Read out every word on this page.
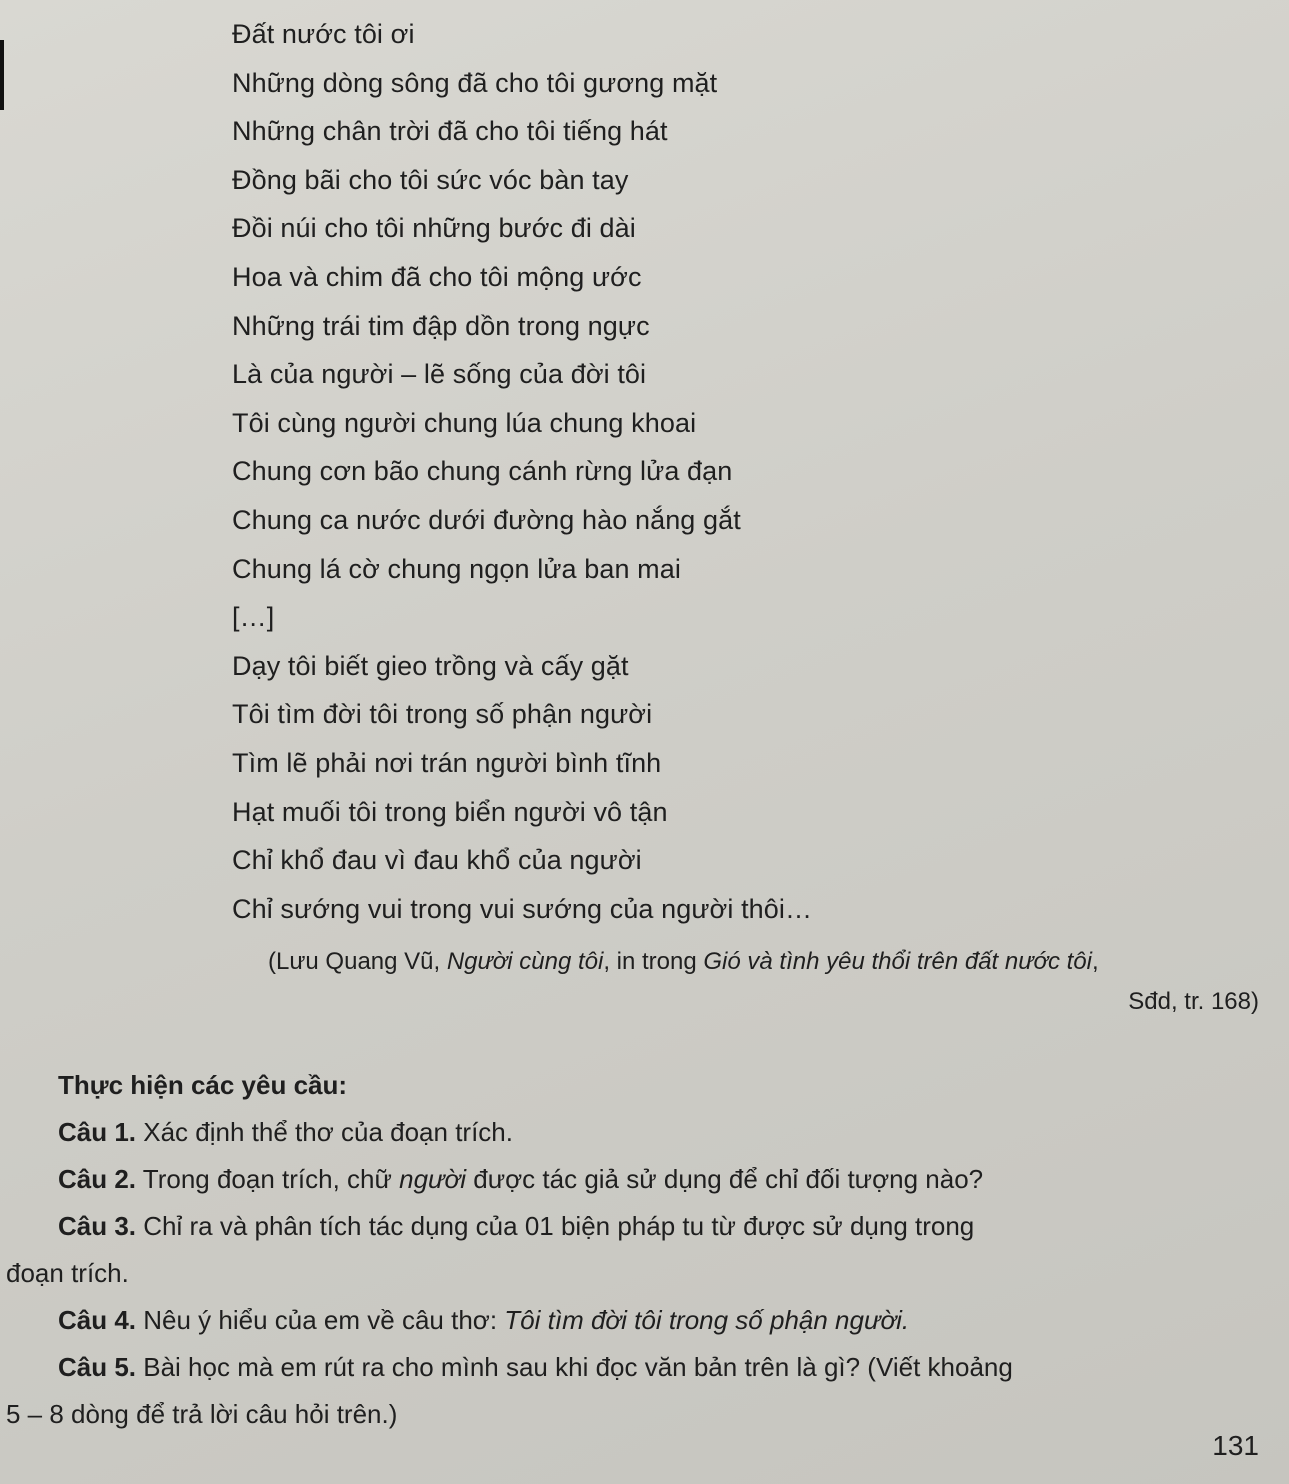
Đất nước tôi ơi
Những dòng sông đã cho tôi gương mặt
Những chân trời đã cho tôi tiếng hát
Đồng bãi cho tôi sức vóc bàn tay
Đồi núi cho tôi những bước đi dài
Hoa và chim đã cho tôi mộng ước
Những trái tim đập dồn trong ngực
Là của người – lẽ sống của đời tôi
Tôi cùng người chung lúa chung khoai
Chung cơn bão chung cánh rừng lửa đạn
Chung ca nước dưới đường hào nắng gắt
Chung lá cờ chung ngọn lửa ban mai
[…]
Dạy tôi biết gieo trồng và cấy gặt
Tôi tìm đời tôi trong số phận người
Tìm lẽ phải nơi trán người bình tĩnh
Hạt muối tôi trong biển người vô tận
Chỉ khổ đau vì đau khổ của người
Chỉ sướng vui trong vui sướng của người thôi…
(Lưu Quang Vũ, Người cùng tôi, in trong Gió và tình yêu thổi trên đất nước tôi,
Sđd, tr. 168)
Thực hiện các yêu cầu:
Câu 1. Xác định thể thơ của đoạn trích.
Câu 2. Trong đoạn trích, chữ người được tác giả sử dụng để chỉ đối tượng nào?
Câu 3. Chỉ ra và phân tích tác dụng của 01 biện pháp tu từ được sử dụng trong
đoạn trích.
Câu 4. Nêu ý hiểu của em về câu thơ: Tôi tìm đời tôi trong số phận người.
Câu 5. Bài học mà em rút ra cho mình sau khi đọc văn bản trên là gì? (Viết khoảng
5 – 8 dòng để trả lời câu hỏi trên.)
131
